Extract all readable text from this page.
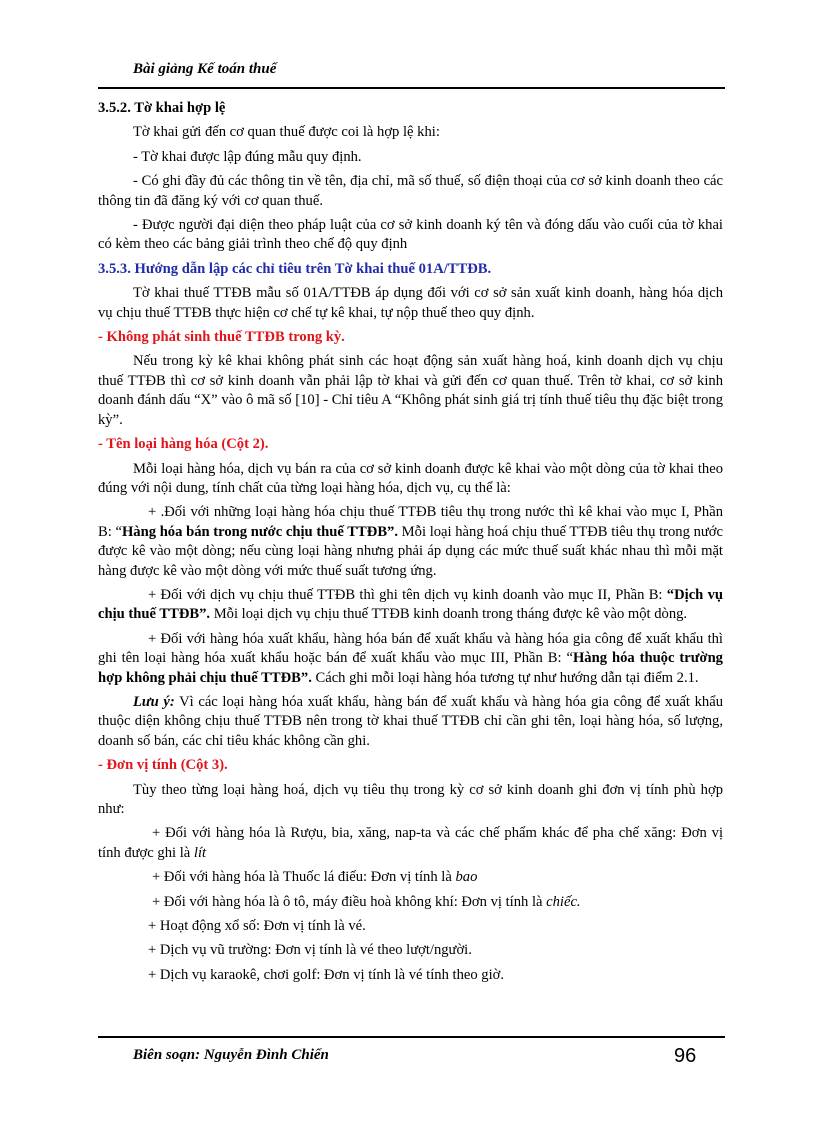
Bài giảng Kế toán thuế

3.5.2. Tờ khai hợp lệ

Tờ khai gửi đến cơ quan thuế được coi là hợp lệ khi:

- Tờ khai được lập đúng mẫu quy định.

- Có ghi đầy đủ các thông tin về tên, địa chỉ, mã số thuế, số điện thoại của cơ sở kinh doanh theo các thông tin đã đăng ký với cơ quan thuế.

- Được người đại diện theo pháp luật của cơ sở kinh doanh ký tên và đóng dấu vào cuối của tờ khai có kèm theo các bảng giải trình theo chế độ quy định

3.5.3. Hướng dẫn lập các chỉ tiêu trên Tờ khai thuế 01A/TTĐB.

Tờ khai thuế TTĐB mẫu số 01A/TTĐB áp dụng đối với cơ sở sản xuất kinh doanh, hàng hóa dịch vụ chịu thuế TTĐB thực hiện cơ chế tự kê khai, tự nộp thuế theo quy định.

- Không phát sinh thuế TTĐB trong kỳ.

Nếu trong kỳ kê khai không phát sinh các hoạt động sản xuất hàng hoá, kinh doanh dịch vụ chịu thuế TTĐB thì cơ sở kinh doanh vẫn phải lập tờ khai và gửi đến cơ quan thuế. Trên tờ khai, cơ sở kinh doanh đánh dấu “X” vào ô mã số [10] - Chỉ tiêu A “Không phát sinh giá trị tính thuế tiêu thụ đặc biệt trong kỳ”.

- Tên loại hàng hóa (Cột 2).

Mỗi loại hàng hóa, dịch vụ bán ra của cơ sở kinh doanh được kê khai vào một dòng của tờ khai theo đúng với nội dung, tính chất của từng loại hàng hóa, dịch vụ, cụ thể là:

+ .Đối với những loại hàng hóa chịu thuế TTĐB tiêu thụ trong nước thì kê khai vào mục I, Phần B: “Hàng hóa bán trong nước chịu thuế TTĐB”. Mỗi loại hàng hoá chịu thuế TTĐB tiêu thụ trong nước được kê vào một dòng; nếu cùng loại hàng nhưng phải áp dụng các mức thuế suất khác nhau thì mỗi mặt hàng được kê vào một dòng với mức thuế suất tương ứng.

+ Đối với dịch vụ chịu thuế TTĐB thì ghi tên dịch vụ kinh doanh vào mục II, Phần B: “Dịch vụ chịu thuế TTĐB”. Mỗi loại dịch vụ chịu thuế TTĐB kinh doanh trong tháng được kê vào một dòng.

+ Đối với hàng hóa xuất khẩu, hàng hóa bán để xuất khẩu và hàng hóa gia công để xuất khẩu thì ghi tên loại hàng hóa xuất khẩu hoặc bán để xuất khẩu vào mục III, Phần B: “Hàng hóa thuộc trường hợp không phải chịu thuế TTĐB”. Cách ghi mỗi loại hàng hóa tương tự như hướng dẫn tại điểm 2.1.

Lưu ý: Vì các loại hàng hóa xuất khẩu, hàng bán để xuất khẩu và hàng hóa gia công để xuất khẩu thuộc diện không chịu thuế TTĐB nên trong tờ khai thuế TTĐB chỉ cần ghi tên, loại hàng hóa, số lượng, doanh số bán, các chỉ tiêu khác không cần ghi.

- Đơn vị tính (Cột 3).

Tùy theo từng loại hàng hoá, dịch vụ tiêu thụ trong kỳ cơ sở kinh doanh ghi đơn vị tính phù hợp như:

+ Đối với hàng hóa là Rượu, bia, xăng, nap-ta và các chế phẩm khác để pha chế xăng: Đơn vị tính được ghi là lít

+ Đối với hàng hóa là Thuốc lá điếu: Đơn vị tính là bao

+ Đối với hàng hóa là ô tô, máy điều hoà không khí: Đơn vị tính là chiếc.

+ Hoạt động xổ số: Đơn vị tính là vé.

+ Dịch vụ vũ trường: Đơn vị tính là vé theo lượt/người.

+ Dịch vụ karaokê, chơi golf: Đơn vị tính là vé tính theo giờ.

Biên soạn: Nguyễn Đình Chiến	96
